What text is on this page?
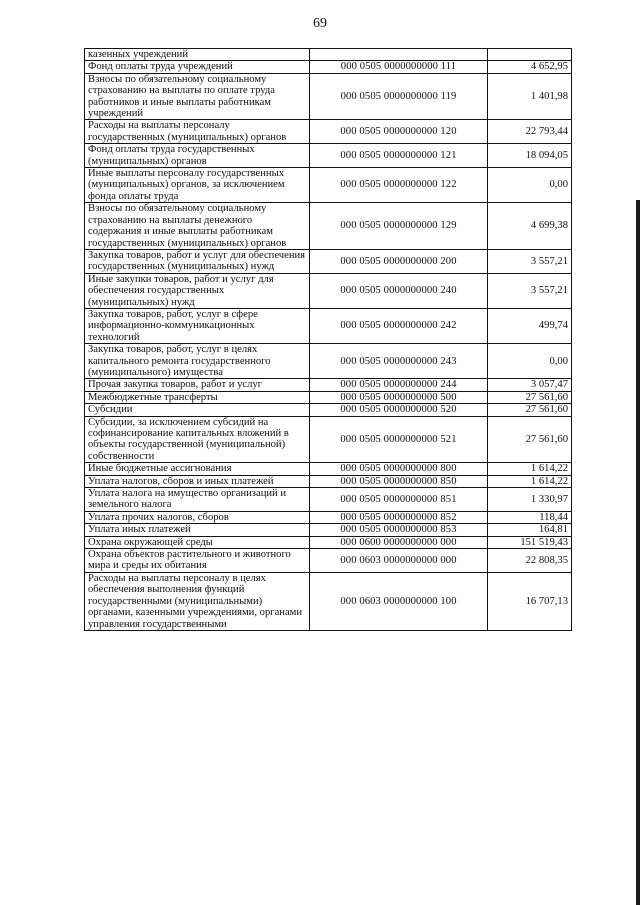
69
казенных учреждений		
Фонд оплаты труда учреждений	000 0505 0000000000 111	4 652,95
Взносы по обязательному социальному страхованию на выплаты по оплате труда работников и иные выплаты работникам учреждений	000 0505 0000000000 119	1 401,98
Расходы на выплаты персоналу государственных (муниципальных) органов	000 0505 0000000000 120	22 793,44
Фонд оплаты труда государственных (муниципальных) органов	000 0505 0000000000 121	18 094,05
Иные выплаты персоналу государственных (муниципальных) органов, за исключением фонда оплаты труда	000 0505 0000000000 122	0,00
Взносы по обязательному социальному страхованию на выплаты денежного содержания и иные выплаты работникам государственных (муниципальных) органов	000 0505 0000000000 129	4 699,38
Закупка товаров, работ и услуг для обеспечения государственных (муниципальных) нужд	000 0505 0000000000 200	3 557,21
Иные закупки товаров, работ и услуг для обеспечения государственных (муниципальных) нужд	000 0505 0000000000 240	3 557,21
Закупка товаров, работ, услуг в сфере информационно-коммуникационных технологий	000 0505 0000000000 242	499,74
Закупка товаров, работ, услуг в целях капитального ремонта государственного (муниципального) имущества	000 0505 0000000000 243	0,00
Прочая закупка товаров, работ и услуг	000 0505 0000000000 244	3 057,47
Межбюджетные трансферты	000 0505 0000000000 500	27 561,60
Субсидии	000 0505 0000000000 520	27 561,60
Субсидии, за исключением субсидий на софинансирование капитальных вложений в объекты государственной (муниципальной) собственности	000 0505 0000000000 521	27 561,60
Иные бюджетные ассигнования	000 0505 0000000000 800	1 614,22
Уплата налогов, сборов и иных платежей	000 0505 0000000000 850	1 614,22
Уплата налога на имущество организаций и земельного налога	000 0505 0000000000 851	1 330,97
Уплата прочих налогов, сборов	000 0505 0000000000 852	118,44
Уплата иных платежей	000 0505 0000000000 853	164,81
Охрана окружающей среды	000 0600 0000000000 000	151 519,43
Охрана объектов растительного и животного мира и среды их обитания	000 0603 0000000000 000	22 808,35
Расходы на выплаты персоналу в целях обеспечения выполнения функций государственными (муниципальными) органами, казенными учреждениями, органами управления государственными	000 0603 0000000000 100	16 707,13
